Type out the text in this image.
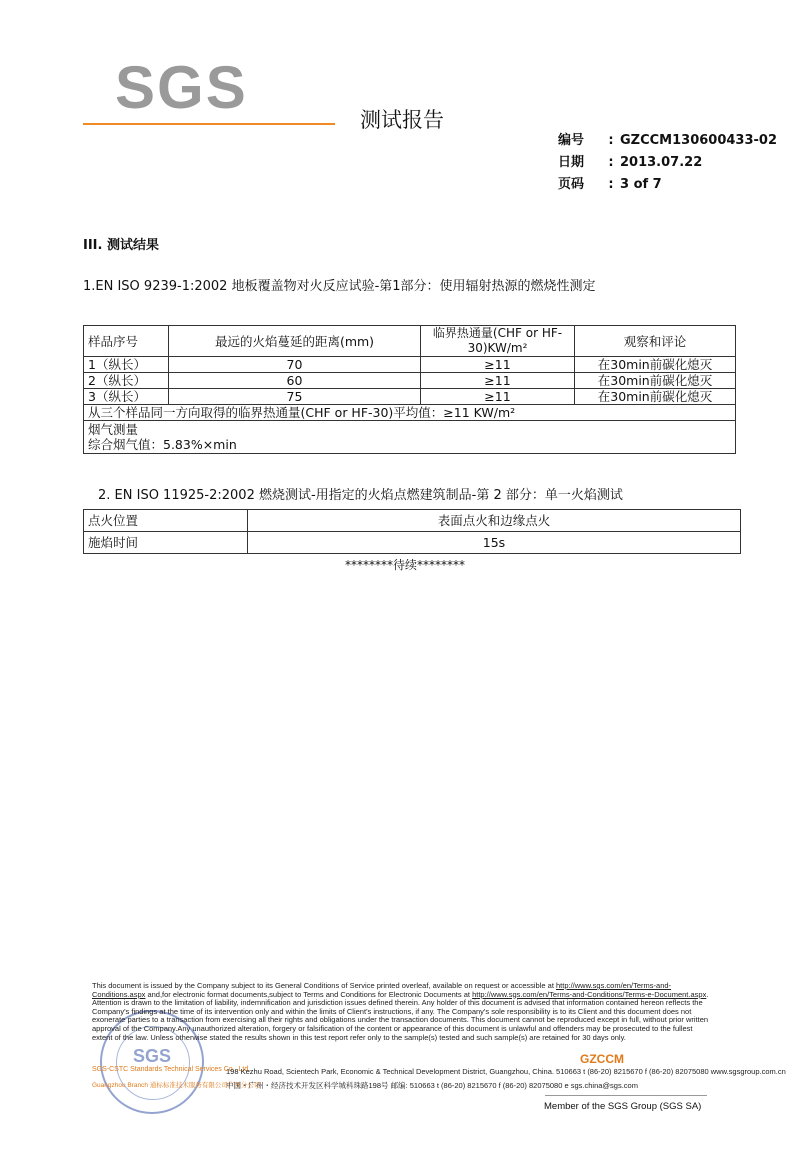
SGS	测试报告
编号 : GZCCM130600433-02
日期 : 2013.07.22
页码 : 3 of 7
III. 测试结果
1.EN ISO 9239-1:2002 地板覆盖物对火反应试验-第1部分：使用辐射热源的燃烧性测定
样品序号	最远的火焰蔓延的距离(mm)	临界热通量(CHF or HF-30)KW/m²	观察和评论
1（纵长）	70	≥11	在30min前碳化熄灭
2（纵长）	60	≥11	在30min前碳化熄灭
3（纵长）	75	≥11	在30min前碳化熄灭
从三个样品同一方向取得的临界热通量(CHF or HF-30)平均值：≥11 KW/m²			

烟气测量
综合烟气值：5.83%×min			
2. EN ISO 11925-2:2002 燃烧测试-用指定的火焰点燃建筑制品-第 2 部分：单一火焰测试
点火位置	表面点火和边缘点火
施焰时间	15s
********待续********
SGS
This document is issued by the Company subject to its General Conditions of Service printed overleaf, available on request or accessible at http://www.sgs.com/en/Terms-and-Conditions.aspx and,for electronic format documents,subject to Terms and Conditions for Electronic Documents at http://www.sgs.com/en/Terms-and-Conditions/Terms-e-Document.aspx. Attention is drawn to the limitation of liability, indemnification and jurisdiction issues defined therein. Any holder of this document is advised that information contained hereon reflects the Company's findings at the time of its intervention only and within the limits of Client's instructions, if any. The Company's sole responsibility is to its Client and this document does not exonerate parties to a transaction from exercising all their rights and obligations under the transaction documents. This document cannot be reproduced except in full, without prior written approval of the Company.Any unauthorized alteration, forgery or falsification of the content or appearance of this document is unlawful and offenders may be prosecuted to the fullest extent of the law. Unless otherwise stated the results shown in this test report refer only to the sample(s) tested and such sample(s) are retained for 30 days only.
GZCCM
SGS-CSTC Standards Technical Services Co., Ltd.
198 Kezhu Road, Scientech Park, Economic & Technical Development District, Guangzhou, China. 510663 t (86-20) 8215670 f (86-20) 82075080 www.sgsgroup.com.cn
Guangzhou Branch 通标标准技术服务有限公司广州分公司
中国・广州・经济技术开发区科学城科珠路198号 邮编: 510663 t (86-20) 8215670 f (86-20) 82075080 e sgs.china@sgs.com
Member of the SGS Group (SGS SA)
